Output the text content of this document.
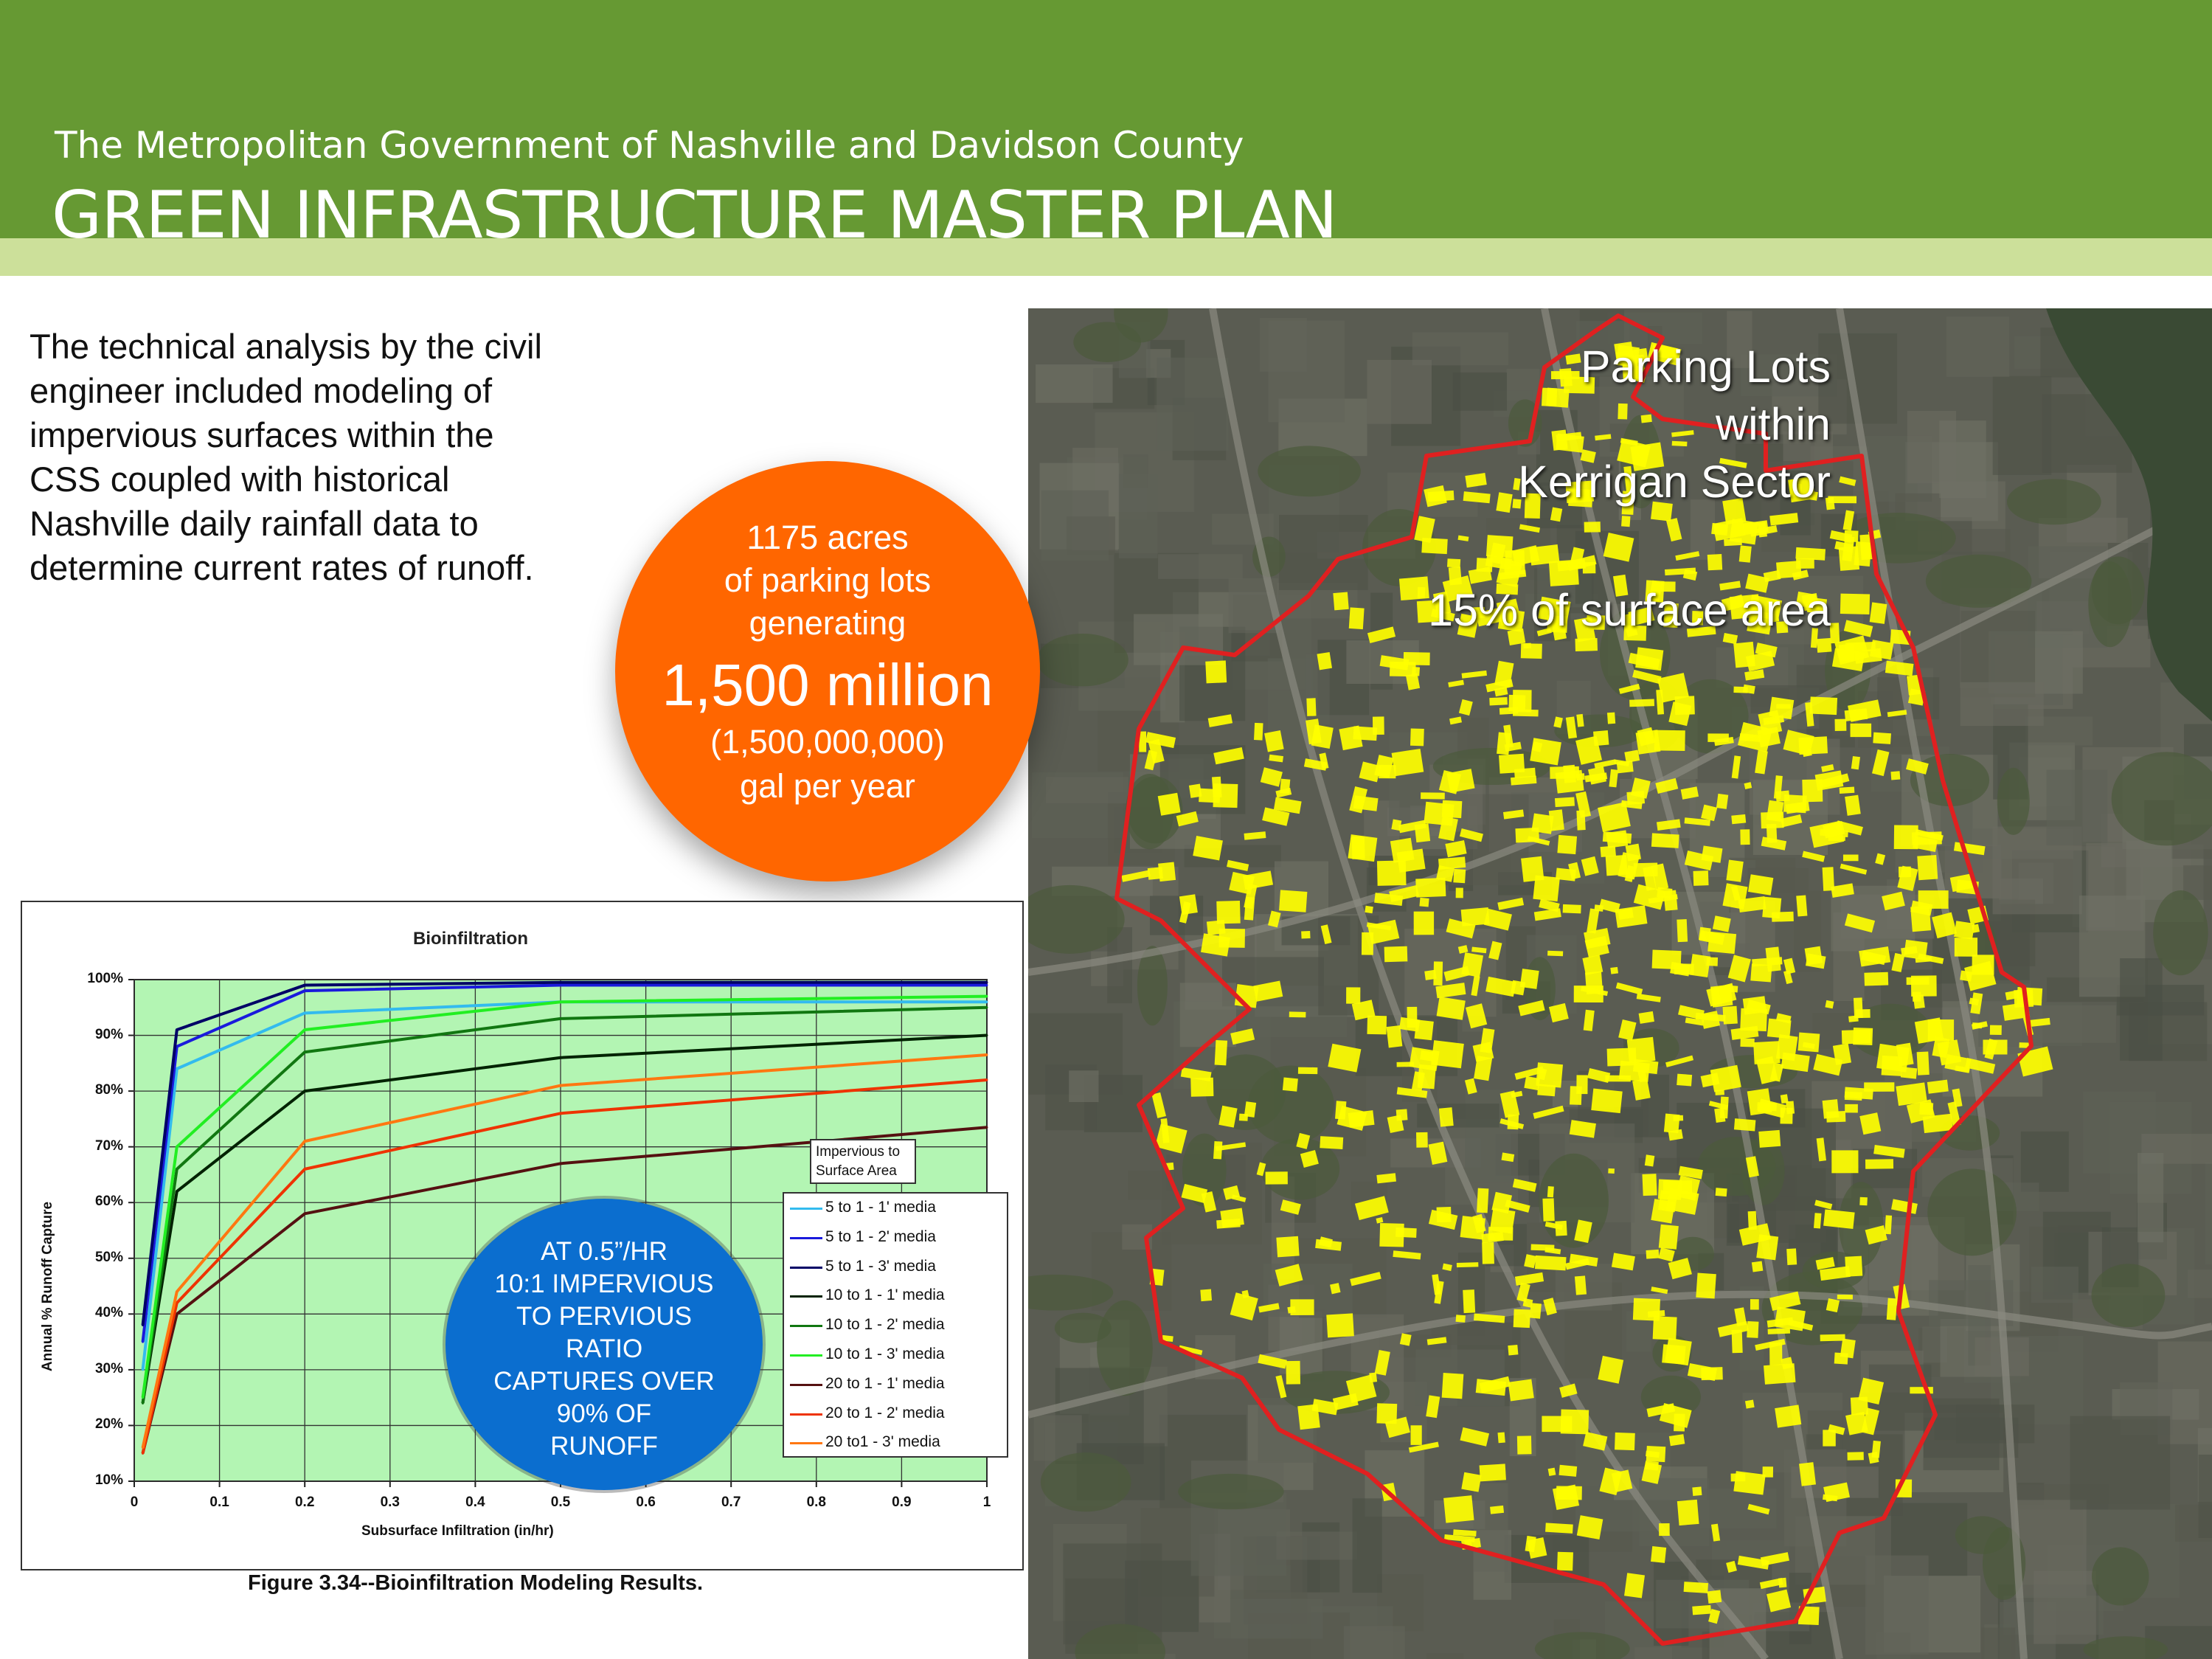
The Metropolitan Government of Nashville and Davidson County
GREEN INFRASTRUCTURE MASTER PLAN
The technical analysis by the civil
engineer included modeling of
impervious surfaces within the
CSS coupled with historical
Nashville daily rainfall data to
determine current rates of runoff.
Parking Lots
within
Kerrigan Sector
15% of surface area
1175 acres
of parking lots
generating
1,500 million
(1,500,000,000)
gal per year
Bioinfiltration
10%
20%
30%
40%
50%
60%
70%
80%
90%
100%
0	0.1	0.2	0.3	0.4	0.5	0.6	0.7	0.8	0.9	1
Subsurface Infiltration (in/hr)
Annual % Runoff Capture
Impervious to Surface Area
5 to 1 - 1' media
5 to 1 - 2' media
5 to 1 - 3' media
10 to 1 - 1' media
10 to 1 - 2' media
10 to 1 - 3' media
20 to 1 - 1' media
20 to 1 - 2' media
20 to1 - 3' media
AT 0.5”/HR
10:1 IMPERVIOUS
TO PERVIOUS
RATIO
CAPTURES OVER
90% OF
RUNOFF
Figure 3.34--Bioinfiltration Modeling Results.
